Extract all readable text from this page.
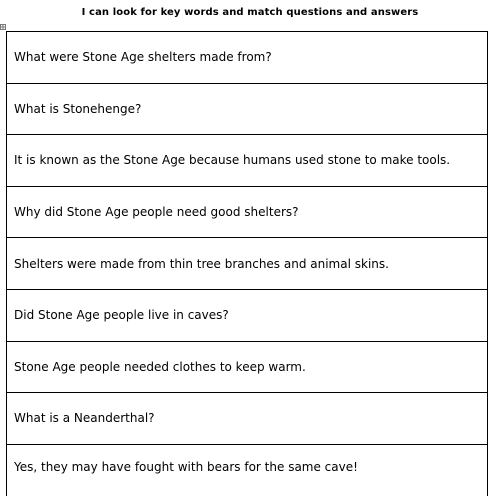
I can look for key words and match questions and answers
What were Stone Age shelters made from?
What is Stonehenge?
It is known as the Stone Age because humans used stone to make tools.
Why did Stone Age people need good shelters?
Shelters were made from thin tree branches and animal skins.
Did Stone Age people live in caves?
Stone Age people needed clothes to keep warm.
What is a Neanderthal?
Yes, they may have fought with bears for the same cave!
